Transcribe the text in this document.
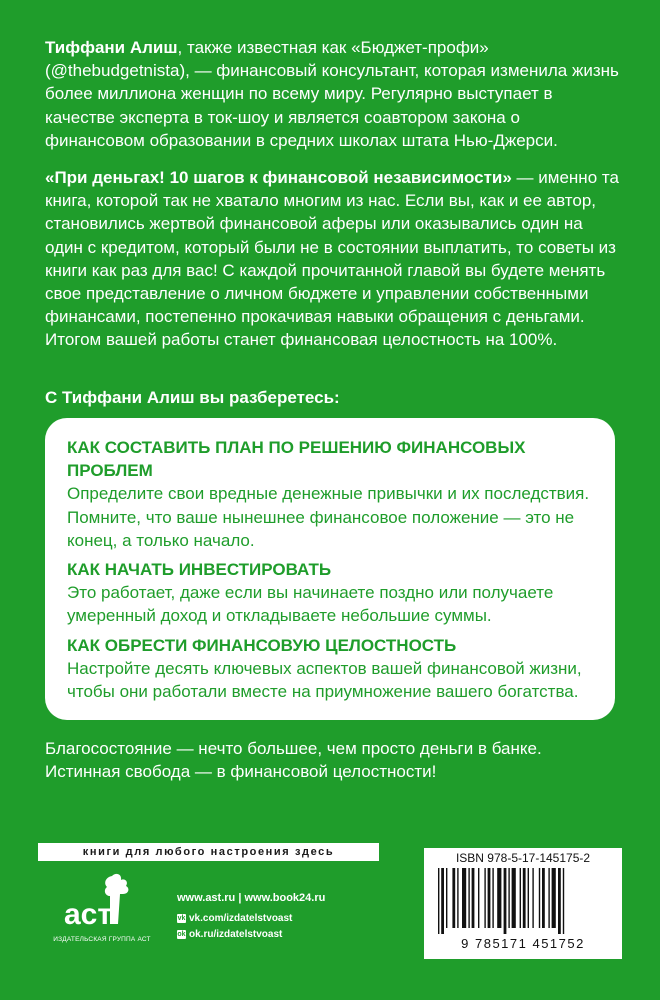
Тиффани Алиш, также известная как «Бюджет-профи» (@thebudgetnista), — финансовый консультант, которая изменила жизнь более миллиона женщин по всему миру. Регулярно выступает в качестве эксперта в ток-шоу и является соавтором закона о финансовом образовании в средних школах штата Нью-Джерси.

«При деньгах! 10 шагов к финансовой независимости» — именно та книга, которой так не хватало многим из нас. Если вы, как и ее автор, становились жертвой финансовой аферы или оказывались один на один с кредитом, который были не в состоянии выплатить, то советы из книги как раз для вас! С каждой прочитанной главой вы будете менять свое представление о личном бюджете и управлении собственными финансами, постепенно прокачивая навыки обращения с деньгами. Итогом вашей работы станет финансовая целостность на 100%.

С Тиффани Алиш вы разберетесь:

КАК СОСТАВИТЬ ПЛАН ПО РЕШЕНИЮ ФИНАНСОВЫХ ПРОБЛЕМ

Определите свои вредные денежные привычки и их последствия. Помните, что ваше нынешнее финансовое положение — это не конец, а только начало.

КАК НАЧАТЬ ИНВЕСТИРОВАТЬ

Это работает, даже если вы начинаете поздно или получаете умеренный доход и откладываете небольшие суммы.

КАК ОБРЕСТИ ФИНАНСОВУЮ ЦЕЛОСТНОСТЬ

Настройте десять ключевых аспектов вашей финансовой жизни, чтобы они работали вместе на приумножение вашего богатства.

Благосостояние — нечто большее, чем просто деньги в банке. Истинная свобода — в финансовой целостности!

книги для любого настроения здесь
аст
ИЗДАТЕЛЬСКАЯ ГРУППА АСТ
www.ast.ru | www.book24.ru
vk vk.com/izdatelstvoast
ok ok.ru/izdatelstvoast
ISBN 978-5-17-145175-2
9 785171 451752
